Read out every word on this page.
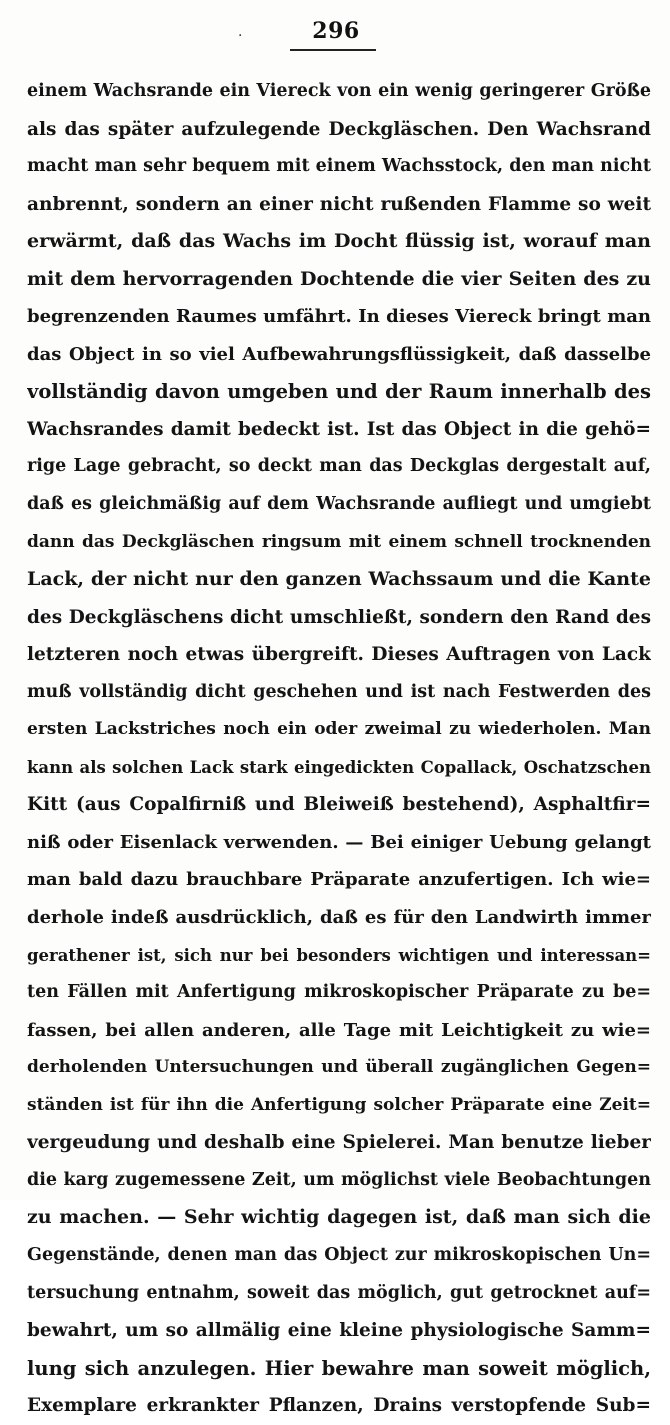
·	296
einem Wachsrande ein Viereck von ein wenig geringerer Größe
als das später aufzulegende Deckgläschen. Den Wachsrand
macht man sehr bequem mit einem Wachsstock, den man nicht
anbrennt, sondern an einer nicht rußenden Flamme so weit
erwärmt, daß das Wachs im Docht flüssig ist, worauf man
mit dem hervorragenden Dochtende die vier Seiten des zu
begrenzenden Raumes umfährt. In dieses Viereck bringt man
das Object in so viel Aufbewahrungsflüssigkeit, daß dasselbe
vollständig davon umgeben und der Raum innerhalb des
Wachsrandes damit bedeckt ist. Ist das Object in die gehö=
rige Lage gebracht, so deckt man das Deckglas dergestalt auf,
daß es gleichmäßig auf dem Wachsrande aufliegt und umgiebt
dann das Deckgläschen ringsum mit einem schnell trocknenden
Lack, der nicht nur den ganzen Wachssaum und die Kante
des Deckgläschens dicht umschließt, sondern den Rand des
letzteren noch etwas übergreift. Dieses Auftragen von Lack
muß vollständig dicht geschehen und ist nach Festwerden des
ersten Lackstriches noch ein oder zweimal zu wiederholen. Man
kann als solchen Lack stark eingedickten Copallack, Oschatzschen
Kitt (aus Copalfirniß und Bleiweiß bestehend), Asphaltfir=
niß oder Eisenlack verwenden. — Bei einiger Uebung gelangt
man bald dazu brauchbare Präparate anzufertigen. Ich wie=
derhole indeß ausdrücklich, daß es für den Landwirth immer
gerathener ist, sich nur bei besonders wichtigen und interessan=
ten Fällen mit Anfertigung mikroskopischer Präparate zu be=
fassen, bei allen anderen, alle Tage mit Leichtigkeit zu wie=
derholenden Untersuchungen und überall zugänglichen Gegen=
ständen ist für ihn die Anfertigung solcher Präparate eine Zeit=
vergeudung und deshalb eine Spielerei. Man benutze lieber
die karg zugemessene Zeit, um möglichst viele Beobachtungen
zu machen. — Sehr wichtig dagegen ist, daß man sich die
Gegenstände, denen man das Object zur mikroskopischen Un=
tersuchung entnahm, soweit das möglich, gut getrocknet auf=
bewahrt, um so allmälig eine kleine physiologische Samm=
lung sich anzulegen. Hier bewahre man soweit möglich,
Exemplare erkrankter Pflanzen, Drains verstopfende Sub=
